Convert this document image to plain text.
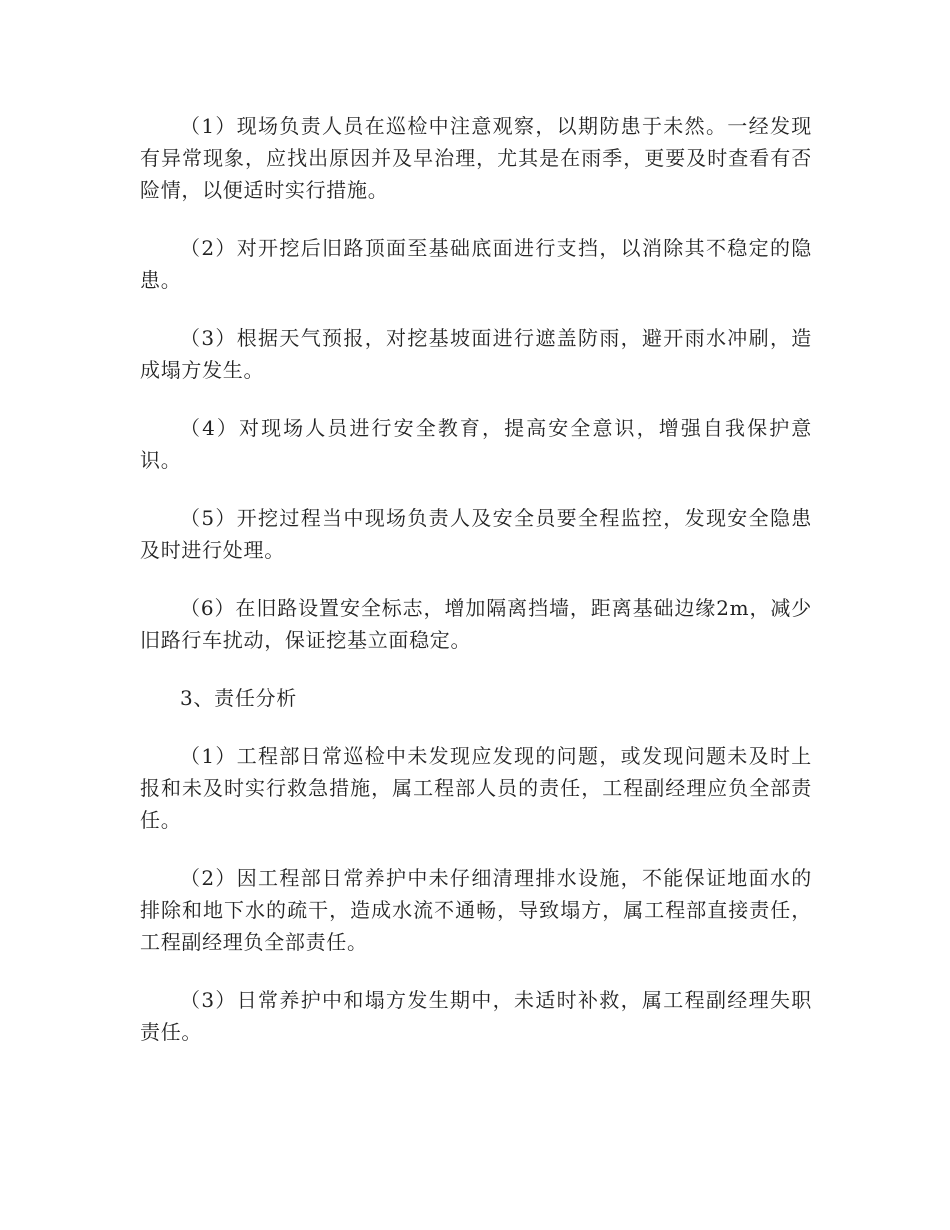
（1）现场负责人员在巡检中注意观察，以期防患于未然。一经发现有异常现象，应找出原因并及早治理，尤其是在雨季，更要及时查看有否险情，以便适时实行措施。

（2）对开挖后旧路顶面至基础底面进行支挡，以消除其不稳定的隐患。

（3）根据天气预报，对挖基坡面进行遮盖防雨，避开雨水冲刷，造成塌方发生。

（4）对现场人员进行安全教育，提高安全意识，增强自我保护意识。

（5）开挖过程当中现场负责人及安全员要全程监控，发现安全隐患及时进行处理。

（6）在旧路设置安全标志，增加隔离挡墙，距离基础边缘2m，减少旧路行车扰动，保证挖基立面稳定。

3、责任分析

（1）工程部日常巡检中未发现应发现的问题，或发现问题未及时上报和未及时实行救急措施，属工程部人员的责任，工程副经理应负全部责任。

（2）因工程部日常养护中未仔细清理排水设施，不能保证地面水的排除和地下水的疏干，造成水流不通畅，导致塌方，属工程部直接责任，工程副经理负全部责任。

（3）日常养护中和塌方发生期中，未适时补救，属工程副经理失职责任。
